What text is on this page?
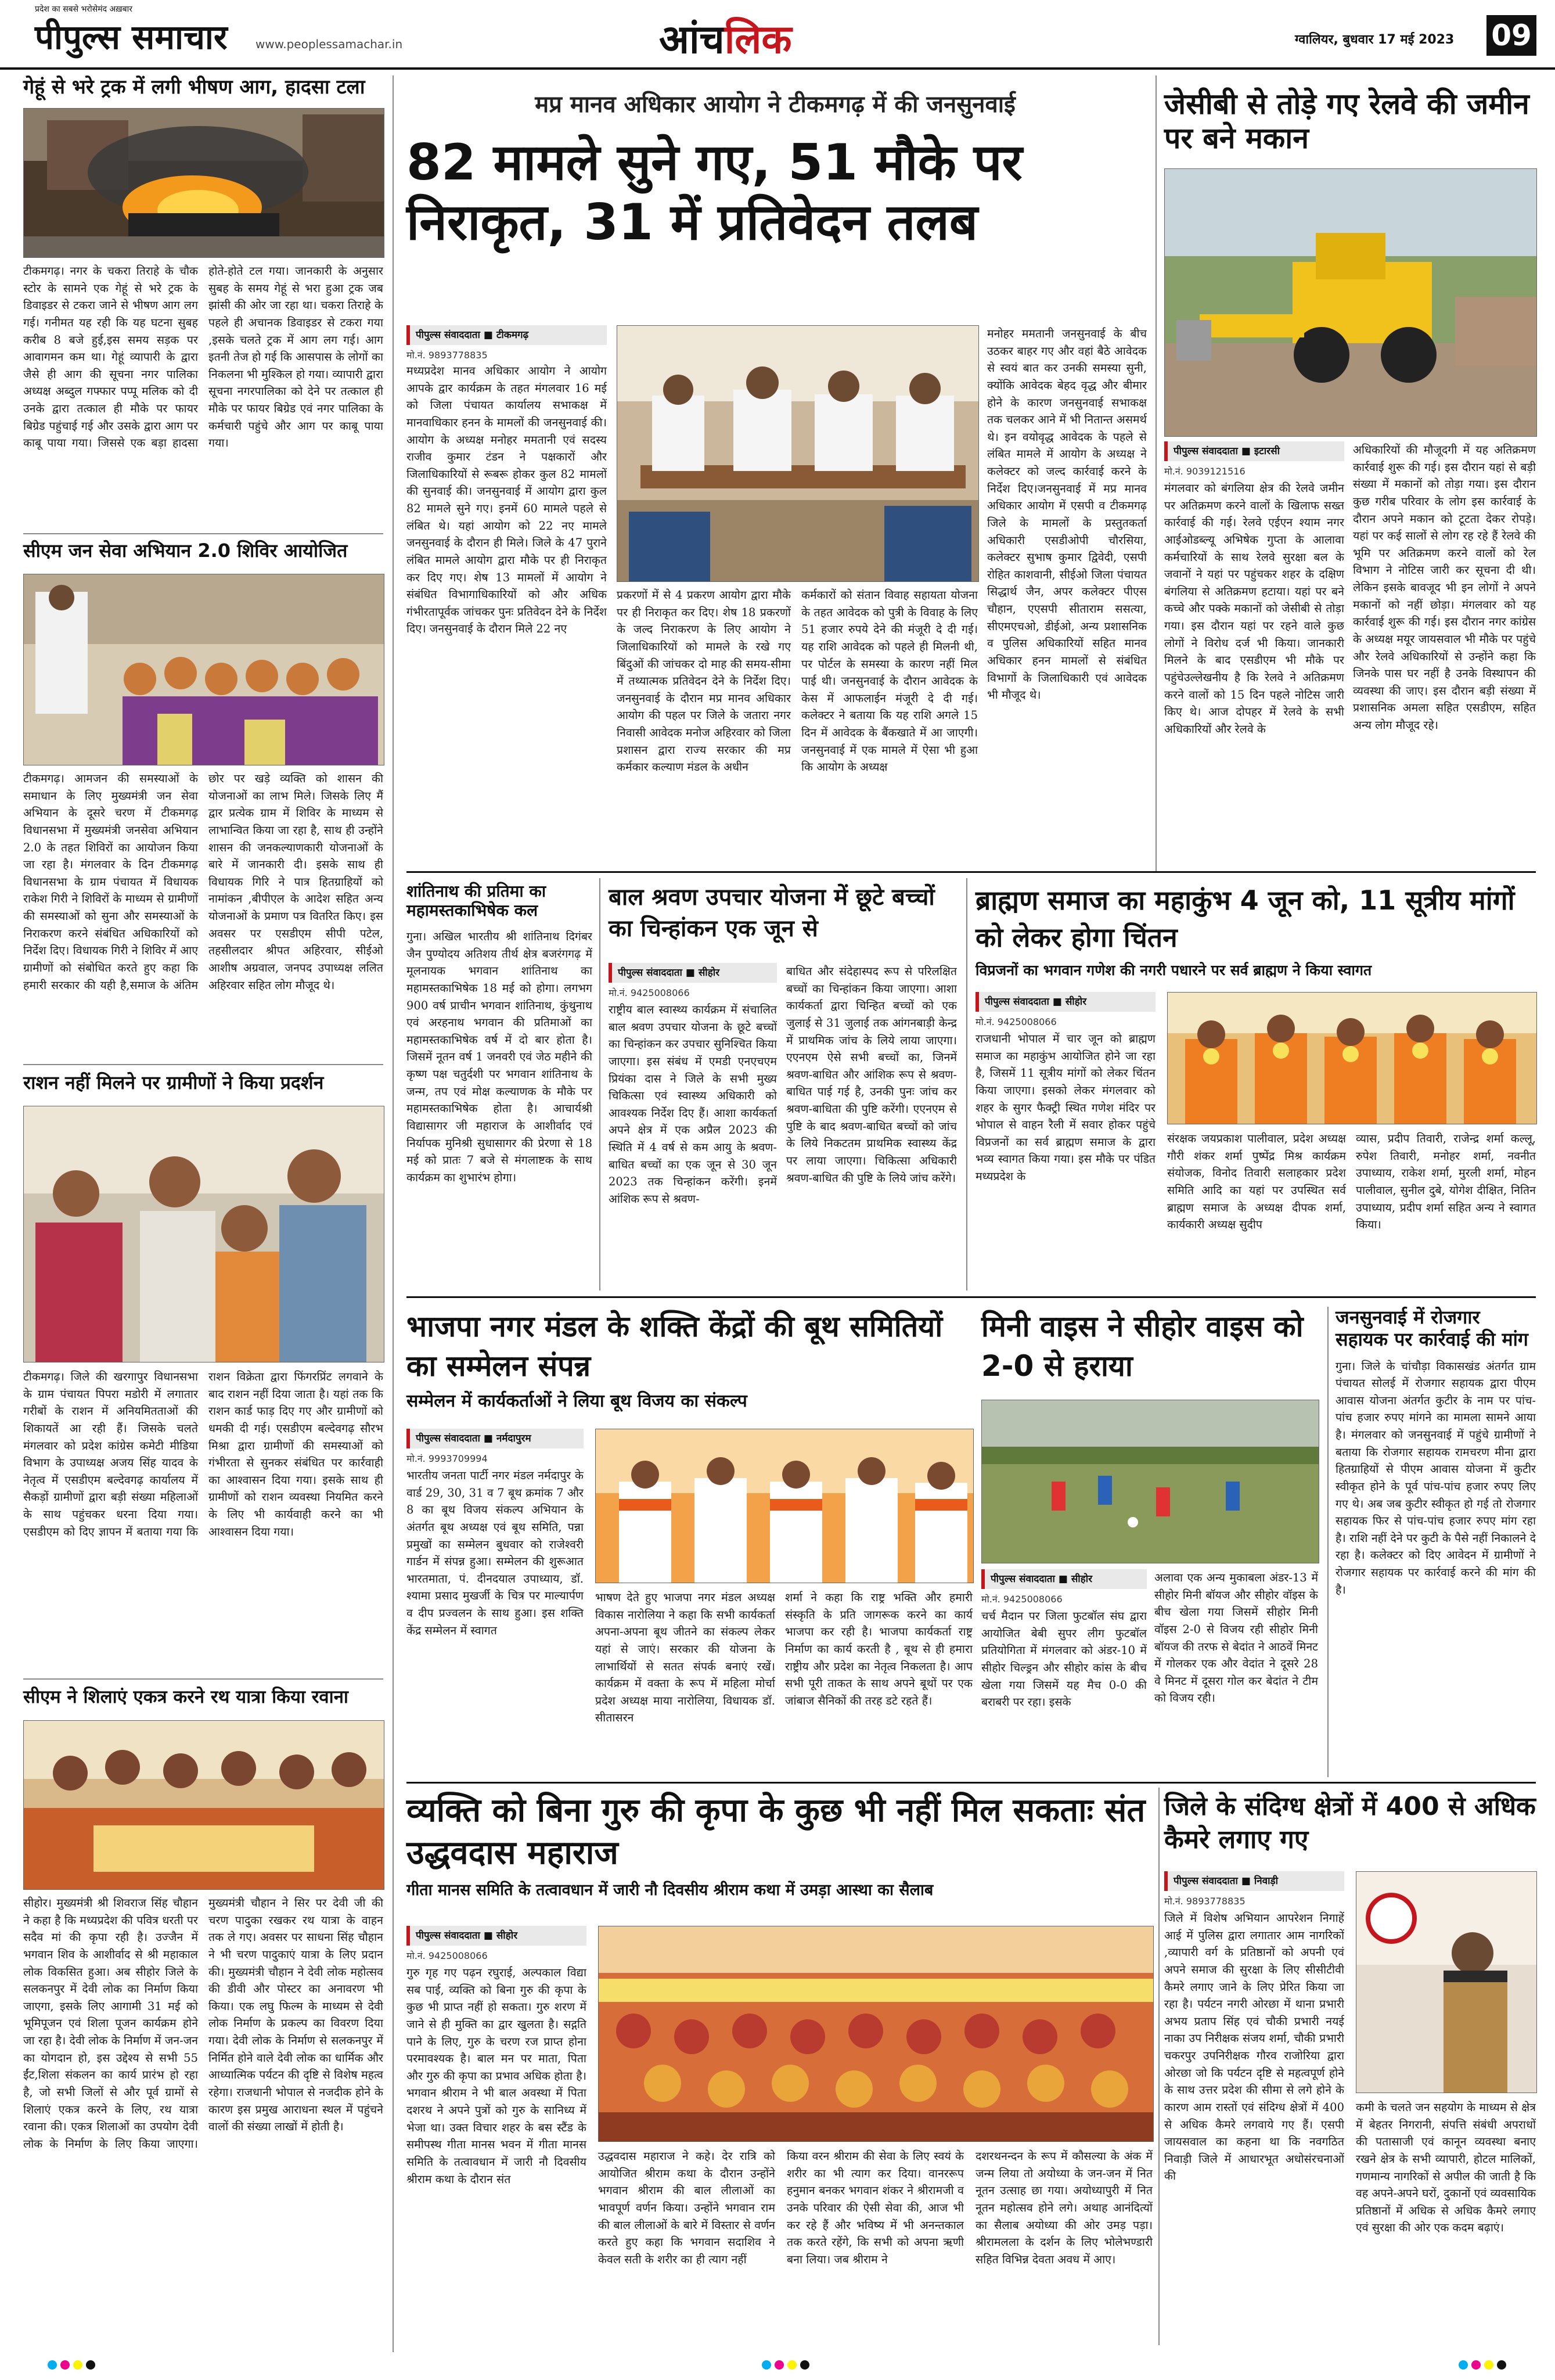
प्रदेश का सबसे भरोसेमंद अख़बार
पीपुल्स समाचार www.peoplessamachar.in	आंचलिक	ग्वालियर, बुधवार 17 मई 2023 09
गेहूं से भरे ट्रक में लगी भीषण आग, हादसा टला
टीकमगढ़। नगर के चकरा तिराहे के चौक स्टोर के सामने एक गेहूं से भरे ट्रक के डिवाइडर से टकरा जाने से भीषण आग लग गई। गनीमत यह रही कि यह घटना सुबह करीब 8 बजे हुई,इस समय सड़क पर आवागमन कम था। गेहूं व्यापारी के द्वारा जैसे ही आग की सूचना नगर पालिका अध्यक्ष अब्दुल गफ्फार पप्पू मलिक को दी उनके द्वारा तत्काल ही मौके पर फायर बिग्रेड पहुंचाई गई और उसके द्वारा आग पर काबू पाया गया। जिससे एक बड़ा हादसा होते-होते टल गया। जानकारी के अनुसार सुबह के समय गेहूं से भरा हुआ ट्रक जब झांसी की ओर जा रहा था। चकरा तिराहे के पहले ही अचानक डिवाइडर से टकरा गया ,इसके चलते ट्रक में आग लग गई। आग इतनी तेज हो गई कि आसपास के लोगों का निकलना भी मुश्किल हो गया। व्यापारी द्वारा सूचना नगरपालिका को देने पर तत्काल ही मौके पर फायर बिग्रेड एवं नगर पालिका के कर्मचारी पहुंचे और आग पर काबू पाया गया।
सीएम जन सेवा अभियान 2.0 शिविर आयोजित
टीकमगढ़। आमजन की समस्याओं के समाधान के लिए मुख्यमंत्री जन सेवा अभियान के दूसरे चरण में टीकमगढ़ विधानसभा में मुख्यमंत्री जनसेवा अभियान 2.0 के तहत शिविरों का आयोजन किया जा रहा है। मंगलवार के दिन टीकमगढ़ विधानसभा के ग्राम पंचायत में विधायक राकेश गिरी ने शिविरों के माध्यम से ग्रामीणों की समस्याओं को सुना और समस्याओं के निराकरण करने संबंधित अधिकारियों को निर्देश दिए। विधायक गिरी ने शिविर में आए ग्रामीणों को संबोधित करते हुए कहा कि हमारी सरकार की यही है,समाज के अंतिम छोर पर खड़े व्यक्ति को शासन की योजनाओं का लाभ मिले। जिसके लिए मैं द्वार प्रत्येक ग्राम में शिविर के माध्यम से लाभान्वित किया जा रहा है, साथ ही उन्होंने शासन की जनकल्याणकारी योजनाओं के बारे में जानकारी दी। इसके साथ ही विधायक गिरि ने पात्र हितग्राहियों को नामांकन ,बीपीएल के आदेश सहित अन्य योजनाओं के प्रमाण पत्र वितरित किए। इस अवसर पर एसडीएम सीपी पटेल, तहसीलदार श्रीपत अहिरवार, सीईओ आशीष अग्रवाल, जनपद उपाध्यक्ष ललित अहिरवार सहित लोग मौजूद थे।
राशन नहीं मिलने पर ग्रामीणों ने किया प्रदर्शन
टीकमगढ़। जिले की खरगापुर विधानसभा के ग्राम पंचायत पिपरा मडोरी में लगातार गरीबों के राशन में अनियमितताओं की शिकायतें आ रही हैं। जिसके चलते मंगलवार को प्रदेश कांग्रेस कमेटी मीडिया विभाग के उपाध्यक्ष अजय सिंह यादव के नेतृत्व में एसडीएम बल्देवगढ़ कार्यालय में सैकड़ों ग्रामीणों द्वारा बड़ी संख्या महिलाओं के साथ पहुंचकर धरना दिया गया। एसडीएम को दिए ज्ञापन में बताया गया कि राशन विक्रेता द्वारा फिंगरप्रिंट लगवाने के बाद राशन नहीं दिया जाता है। यहां तक कि राशन कार्ड फाड़ दिए गए और ग्रामीणों को धमकी दी गई। एसडीएम बल्देवगढ़ सौरभ मिश्रा द्वारा ग्रामीणों की समस्याओं को गंभीरता से सुनकर संबंधित पर कार्रवाही का आश्वासन दिया गया। इसके साथ ही ग्रामीणों को राशन व्यवस्था नियमित करने के लिए भी कार्यवाही करने का भी आश्वासन दिया गया।
सीएम ने शिलाएं एकत्र करने रथ यात्रा किया रवाना
सीहोर। मुख्यमंत्री श्री शिवराज सिंह चौहान ने कहा है कि मध्यप्रदेश की पवित्र धरती पर सदैव मां की कृपा रही है। उज्जैन में भगवान शिव के आशीर्वाद से श्री महाकाल लोक विकसित हुआ। अब सीहोर जिले के सलकनपुर में देवी लोक का निर्माण किया जाएगा, इसके लिए आगामी 31 मई को भूमिपूजन एवं शिला पूजन कार्यक्रम होने जा रहा है। देवी लोक के निर्माण में जन-जन का योगदान हो, इस उद्देश्य से सभी 55 ईंट,शिला संकलन का कार्य प्रारंभ हो रहा है, जो सभी जिलों से और पूर्व ग्रामों से शिलाएं एकत्र करने के लिए, रथ यात्रा रवाना की। एकत्र शिलाओं का उपयोग देवी लोक के निर्माण के लिए किया जाएगा। मुख्यमंत्री चौहान ने सिर पर देवी जी की चरण पादुका रखकर रथ यात्रा के वाहन तक ले गए। अवसर पर साधना सिंह चौहान ने भी चरण पादुकाएं यात्रा के लिए प्रदान की। मुख्यमंत्री चौहान ने देवी लोक महोत्सव की डीवी और पोस्टर का अनावरण भी किया। एक लघु फिल्म के माध्यम से देवी लोक निर्माण के प्रकल्प का विवरण दिया गया। देवी लोक के निर्माण से सलकनपुर में निर्मित होने वाले देवी लोक का धार्मिक और आध्यात्मिक पर्यटन की दृष्टि से विशेष महत्व रहेगा। राजधानी भोपाल से नजदीक होने के कारण इस प्रमुख आराधना स्थल में पहुंचने वालों की संख्या लाखों में होती है।
मप्र मानव अधिकार आयोग ने टीकमगढ़ में की जनसुनवाई
82 मामले सुने गए, 51 मौके पर निराकृत, 31 में प्रतिवेदन तलब
पीपुल्स संवाददाता ■ टीकमगढ़
मो.नं. 9893778835
मध्यप्रदेश मानव अधिकार आयोग ने आयोग आपके द्वार कार्यक्रम के तहत मंगलवार 16 मई को जिला पंचायत कार्यालय सभाकक्ष में मानवाधिकार हनन के मामलों की जनसुनवाई की। आयोग के अध्यक्ष मनोहर ममतानी एवं सदस्य राजीव कुमार टंडन ने पक्षकारों और जिलाधिकारियों से रूबरू होकर कुल 82 मामलों की सुनवाई की। जनसुनवाई में आयोग द्वारा कुल 82 मामले सुने गए। इनमें 60 मामले पहले से लंबित थे। यहां आयोग को 22 नए मामले जनसुनवाई के दौरान ही मिले। जिले के 47 पुराने लंबित मामले आयोग द्वारा मौके पर ही निराकृत कर दिए गए। शेष 13 मामलों में आयोग ने संबंधित विभागाधिकारियों को और अधिक गंभीरतापूर्वक जांचकर पुनः प्रतिवेदन देने के निर्देश दिए। जनसुनवाई के दौरान मिले 22 नए
प्रकरणों में से 4 प्रकरण आयोग द्वारा मौके पर ही निराकृत कर दिए। शेष 18 प्रकरणों के जल्द निराकरण के लिए आयोग ने जिलाधिकारियों को मामले के रखे गए बिंदुओं की जांचकर दो माह की समय-सीमा में तथ्यात्मक प्रतिवेदन देने के निर्देश दिए। जनसुनवाई के दौरान मप्र मानव अधिकार आयोग की पहल पर जिले के जतारा नगर निवासी आवेदक मनोज अहिरवार को जिला प्रशासन द्वारा राज्य सरकार की मप्र कर्मकार कल्याण मंडल के अधीन
कर्मकारों को संतान विवाह सहायता योजना के तहत आवेदक को पुत्री के विवाह के लिए 51 हजार रुपये देने की मंजूरी दे दी गई। यह राशि आवेदक को पहले ही मिलनी थी, पर पोर्टल के समस्या के कारण नहीं मिल पाई थी। जनसुनवाई के दौरान आवेदक के केस में आफलाईन मंजूरी दे दी गई। कलेक्टर ने बताया कि यह राशि अगले 15 दिन में आवेदक के बैंकखाते में आ जाएगी। जनसुनवाई में एक मामले में ऐसा भी हुआ कि आयोग के अध्यक्ष
मनोहर ममतानी जनसुनवाई के बीच उठकर बाहर गए और वहां बैठे आवेदक से स्वयं बात कर उनकी समस्या सुनी, क्योंकि आवेदक बेहद वृद्ध और बीमार होने के कारण जनसुनवाई सभाकक्ष तक चलकर आने में भी नितान्त असमर्थ थे। इन वयोवृद्ध आवेदक के पहले से लंबित मामले में आयोग के अध्यक्ष ने कलेक्टर को जल्द कार्रवाई करने के निर्देश दिए।जनसुनवाई में मप्र मानव अधिकार आयोग में एसपी व टीकमगढ़ जिले के मामलों के प्रस्तुतकर्ता अधिकारी एसडीओपी चौरसिया, कलेक्टर सुभाष कुमार द्विवेदी, एसपी रोहित काशवानी, सीईओ जिला पंचायत सिद्धार्थ जैन, अपर कलेक्टर पीएस चौहान, एएसपी सीताराम ससत्या, सीएमएचओ, डीईओ, अन्य प्रशासनिक व पुलिस अधिकारियों सहित मानव अधिकार हनन मामलों से संबंधित विभागों के जिलाधिकारी एवं आवेदक भी मौजूद थे।
जेसीबी से तोड़े गए रेलवे की जमीन पर बने मकान
पीपुल्स संवाददाता ■ इटारसी
मो.नं. 9039121516
मंगलवार को बंगलिया क्षेत्र की रेलवे जमीन पर अतिक्रमण करने वालों के खिलाफ सख्त कार्रवाई की गई। रेलवे एईएन श्याम नगर आईओडब्ल्यू अभिषेक गुप्ता के आलावा कर्मचारियों के साथ रेलवे सुरक्षा बल के जवानों ने यहां पर पहुंचकर शहर के दक्षिण बंगलिया से अतिक्रमण हटाया। यहां पर बने कच्चे और पक्के मकानों को जेसीबी से तोड़ा गया। इस दौरान यहां पर रहने वाले कुछ लोगों ने विरोध दर्ज भी किया। जानकारी मिलने के बाद एसडीएम भी मौके पर पहुंचेउल्लेखनीय है कि रेलवे ने अतिक्रमण करने वालों को 15 दिन पहले नोटिस जारी किए थे। आज दोपहर में रेलवे के सभी अधिकारियों और रेलवे के
अधिकारियों की मौजूदगी में यह अतिक्रमण कार्रवाई शुरू की गई। इस दौरान यहां से बड़ी संख्या में मकानों को तोड़ा गया। इस दौरान कुछ गरीब परिवार के लोग इस कार्रवाई के दौरान अपने मकान को टूटता देकर रोपड़े। यहां पर कई सालों से लोग रह रहे हैं रेलवे की भूमि पर अतिक्रमण करने वालों को रेल विभाग ने नोटिस जारी कर सूचना दी थी। लेकिन इसके बावजूद भी इन लोगों ने अपने मकानों को नहीं छोड़ा। मंगलवार को यह कार्रवाई शुरू की गई। इस दौरान नगर कांग्रेस के अध्यक्ष मयूर जायसवाल भी मौके पर पहुंचे और रेलवे अधिकारियों से उन्होंने कहा कि जिनके पास घर नहीं है उनके विस्थापन की व्यवस्था की जाए। इस दौरान बड़ी संख्या में प्रशासनिक अमला सहित एसडीएम, सहित अन्य लोग मौजूद रहे।
शांतिनाथ की प्रतिमा का महामस्तकाभिषेक कल
गुना। अखिल भारतीय श्री शांतिनाथ दिगंबर जैन पुण्योदय अतिशय तीर्थ क्षेत्र बजरंगगढ़ में मूलनायक भगवान शांतिनाथ का महामस्तकाभिषेक 18 मई को होगा। लगभग 900 वर्ष प्राचीन भगवान शांतिनाथ, कुंथुनाथ एवं अरहनाथ भगवान की प्रतिमाओं का महामस्तकाभिषेक वर्ष में दो बार होता है। जिसमें नूतन वर्ष 1 जनवरी एवं जेठ महीने की कृष्ण पक्ष चतुर्दशी पर भगवान शांतिनाथ के जन्म, तप एवं मोक्ष कल्याणक के मौके पर महामस्तकाभिषेक होता है। आचार्यश्री विद्यासागर जी महाराज के आशीर्वाद एवं निर्यापक मुनिश्री सुधासागर की प्रेरणा से 18 मई को प्रातः 7 बजे से मंगलाष्टक के साथ कार्यक्रम का शुभारंभ होगा।
बाल श्रवण उपचार योजना में छूटे बच्चों का चिन्हांकन एक जून से
पीपुल्स संवाददाता ■ सीहोर
मो.नं. 9425008066
राष्ट्रीय बाल स्वास्थ्य कार्यक्रम में संचालित बाल श्रवण उपचार योजना के छूटे बच्चों का चिन्हांकन कर उपचार सुनिश्चित किया जाएगा। इस संबंध में एमडी एनएचएम प्रियंका दास ने जिले के सभी मुख्य चिकित्सा एवं स्वास्थ्य अधिकारी को आवश्यक निर्देश दिए हैं। आशा कार्यकर्ता अपने क्षेत्र में एक अप्रैल 2023 की स्थिति में 4 वर्ष से कम आयु के श्रवण-बाधित बच्चों का एक जून से 30 जून 2023 तक चिन्हांकन करेंगी। इनमें आंशिक रूप से श्रवण-
बाधित और संदेहास्पद रूप से परिलक्षित बच्चों का चिन्हांकन किया जाएगा। आशा कार्यकर्ता द्वारा चिन्हित बच्चों को एक जुलाई से 31 जुलाई तक आंगनबाड़ी केन्द्र में प्राथमिक जांच के लिये लाया जाएगा। एएनएम ऐसे सभी बच्चों का, जिनमें श्रवण-बाधित और आंशिक रूप से श्रवण-बाधित पाई गई है, उनकी पुनः जांच कर श्रवण-बाधिता की पुष्टि करेंगी। एएनएम से पुष्टि के बाद श्रवण-बाधित बच्चों को जांच के लिये निकटतम प्राथमिक स्वास्थ्य केंद्र पर लाया जाएगा। चिकित्सा अधिकारी श्रवण-बाधित की पुष्टि के लिये जांच करेंगे।
ब्राह्मण समाज का महाकुंभ 4 जून को, 11 सूत्रीय मांगों को लेकर होगा चिंतन
विप्रजनों का भगवान गणेश की नगरी पधारने पर सर्व ब्राह्मण ने किया स्वागत
पीपुल्स संवाददाता ■ सीहोर
मो.नं. 9425008066
राजधानी भोपाल में चार जून को ब्राह्मण समाज का महाकुंभ आयोजित होने जा रहा है, जिसमें 11 सूत्रीय मांगों को लेकर चिंतन किया जाएगा। इसको लेकर मंगलवार को शहर के सुगर फैक्ट्री स्थित गणेश मंदिर पर भोपाल से वाहन रैली में सवार होकर पहुंचे विप्रजनों का सर्व ब्राह्मण समाज के द्वारा भव्य स्वागत किया गया। इस मौके पर पंडित मध्यप्रदेश के
संरक्षक जयप्रकाश पालीवाल, प्रदेश अध्यक्ष गौरी शंकर शर्मा पुष्पेंद्र मिश्र कार्यक्रम संयोजक, विनोद तिवारी सलाहकार प्रदेश समिति आदि का यहां पर उपस्थित सर्व ब्राह्मण समाज के अध्यक्ष दीपक शर्मा, कार्यकारी अध्यक्ष सुदीप
व्यास, प्रदीप तिवारी, राजेन्द्र शर्मा कल्लू, रुपेश तिवारी, मनोहर शर्मा, नवनीत उपाध्याय, राकेश शर्मा, मुरली शर्मा, मोहन पालीवाल, सुनील दुबे, योगेश दीक्षित, नितिन उपाध्याय, प्रदीप शर्मा सहित अन्य ने स्वागत किया।
भाजपा नगर मंडल के शक्ति केंद्रों की बूथ समितियों का सम्मेलन संपन्न
सम्मेलन में कार्यकर्ताओं ने लिया बूथ विजय का संकल्प
पीपुल्स संवाददाता ■ नर्मदापुरम
मो.नं. 9993709994
भारतीय जनता पार्टी नगर मंडल नर्मदापुर के वार्ड 29, 30, 31 व 7 बूथ क्रमांक 7 और 8 का बूथ विजय संकल्प अभियान के अंतर्गत बूथ अध्यक्ष एवं बूथ समिति, पन्ना प्रमुखों का सम्मेलन बुधवार को राजेश्वरी गार्डन में संपन्न हुआ। सम्मेलन की शुरूआत भारतमाता, पं. दीनदयाल उपाध्याय, डॉ. श्यामा प्रसाद मुखर्जी के चित्र पर माल्यार्पण व दीप प्रज्वलन के साथ हुआ। इस शक्ति केंद्र सम्मेलन में स्वागत
भाषण देते हुए भाजपा नगर मंडल अध्यक्ष विकास नारोलिया ने कहा कि सभी कार्यकर्ता अपना-अपना बूथ जीतने का संकल्प लेकर यहां से जाएं। सरकार की योजना के लाभार्थियों से सतत संपर्क बनाएं रखें। कार्यक्रम में वक्ता के रूप में महिला मोर्चा प्रदेश अध्यक्ष माया नारोलिया, विधायक डॉ. सीतासरन
शर्मा ने कहा कि राष्ट्र भक्ति और हमारी संस्कृति के प्रति जागरूक करने का कार्य भाजपा कर रही है। भाजपा कार्यकर्ता राष्ट्र निर्माण का कार्य करती है , बूथ से ही हमारा राष्ट्रीय और प्रदेश का नेतृत्व निकलता है। आप सभी पूरी ताकत के साथ अपने बूथों पर एक जांबाज सैनिकों की तरह डटे रहते हैं।
मिनी वाइस ने सीहोर वाइस को 2-0 से हराया
पीपुल्स संवाददाता ■ सीहोर
मो.नं. 9425008066
चर्च मैदान पर जिला फुटबॉल संघ द्वारा आयोजित बेबी सुपर लीग फुटबॉल प्रतियोगिता में मंगलवार को अंडर-10 में सीहोर चिल्ड्रन और सीहोर कांस के बीच खेला गया जिसमें यह मैच 0-0 की बराबरी पर रहा। इसके
अलावा एक अन्य मुकाबला अंडर-13 में सीहोर मिनी बॉयज और सीहोर वॉइस के बीच खेला गया जिसमें सीहोर मिनी वॉइस 2-0 से विजय रही सीहोर मिनी बॉयज की तरफ से बेदांत ने आठवें मिनट में गोलकर एक और वेदांत ने दूसरे 28 वे मिनट में दूसरा गोल कर बेदांत ने टीम को विजय रही।
जनसुनवाई में रोजगार सहायक पर कार्रवाई की मांग
गुना। जिले के चांचौड़ा विकासखंड अंतर्गत ग्राम पंचायत सोलई में रोजगार सहायक द्वारा पीएम आवास योजना अंतर्गत कुटीर के नाम पर पांच-पांच हजार रुपए मांगने का मामला सामने आया है। मंगलवार को जनसुनवाई में पहुंचे ग्रामीणों ने बताया कि रोजगार सहायक रामचरण मीना द्वारा हितग्राहियों से पीएम आवास योजना में कुटीर स्वीकृत होने के पूर्व पांच-पांच हजार रुपए लिए गए थे। अब जब कुटीर स्वीकृत हो गई तो रोजगार सहायक फिर से पांच-पांच हजार रुपए मांग रहा है। राशि नहीं देने पर कुटी के पैसे नहीं निकालने दे रहा है। कलेक्टर को दिए आवेदन में ग्रामीणों ने रोजगार सहायक पर कार्रवाई करने की मांग की है।
व्यक्ति को बिना गुरु की कृपा के कुछ भी नहीं मिल सकताः संत उद्धवदास महाराज
गीता मानस समिति के तत्वावधान में जारी नौ दिवसीय श्रीराम कथा में उमड़ा आस्था का सैलाब
पीपुल्स संवाददाता ■ सीहोर
मो.नं. 9425008066
गुरु गृह गए पढ़न रघुराई, अल्पकाल विद्या सब पाई, व्यक्ति को बिना गुरु की कृपा के कुछ भी प्राप्त नहीं हो सकता। गुरु शरण में जाने से ही मुक्ति का द्वार खुलता है। सद्गति पाने के लिए, गुरु के चरण रज प्राप्त होना परमावश्यक है। बाल मन पर माता, पिता और गुरु की कृपा का प्रभाव अधिक होता है। भगवान श्रीराम ने भी बाल अवस्था में पिता दशरथ ने अपने पुत्रों को गुरु के सानिध्य में भेजा था। उक्त विचार शहर के बस स्टैंड के समीपस्थ गीता मानस भवन में गीता मानस समिति के तत्वावधान में जारी नौ दिवसीय श्रीराम कथा के दौरान संत
उद्धवदास महाराज ने कहे। देर रात्रि को आयोजित श्रीराम कथा के दौरान उन्होंने भगवान श्रीराम की बाल लीलाओं का भावपूर्ण वर्णन किया। उन्होंने भगवान राम की बाल लीलाओं के बारे में विस्तार से वर्णन करते हुए कहा कि भगवान सदाशिव ने केवल सती के शरीर का ही त्याग नहीं
किया वरन श्रीराम की सेवा के लिए स्वयं के शरीर का भी त्याग कर दिया। वानररूप हनुमान बनकर भगवान शंकर ने श्रीरामजी व उनके परिवार की ऐसी सेवा की, आज भी कर रहे हैं और भविष्य में भी अनन्तकाल तक करते रहेंगे, कि सभी को अपना ऋणी बना लिया। जब श्रीराम ने
दशरथनन्दन के रूप में कौसल्या के अंक में जन्म लिया तो अयोध्या के जन-जन में नित नूतन उत्साह छा गया। अयोध्यापुरी में नित नूतन महोत्सव होने लगे। अथाह आनंदित्यों का सैलाब अयोध्या की ओर उमड़ पड़ा। श्रीरामलला के दर्शन के लिए भोलेभण्डारी सहित विभिन्न देवता अवध में आए।
जिले के संदिग्ध क्षेत्रों में 400 से अधिक कैमरे लगाए गए
पीपुल्स संवाददाता ■ निवाड़ी
मो.नं. 9893778835
जिले में विशेष अभियान आपरेशन निगाहें आई में पुलिस द्वारा लगातार आम नागरिकों ,व्यापारी वर्ग के प्रतिष्ठानों को अपनी एवं अपने समाज की सुरक्षा के लिए सीसीटीवी कैमरे लगाए जाने के लिए प्रेरित किया जा रहा है। पर्यटन नगरी ओरछा में थाना प्रभारी अभय प्रताप सिंह एवं चौकी प्रभारी नयई नाका उप निरीक्षक संजय शर्मा, चौकी प्रभारी चकरपुर उपनिरीक्षक गौरव राजोरिया द्वारा ओरछा जो कि पर्यटन दृष्टि से महत्वपूर्ण होने के साथ उत्तर प्रदेश की सीमा से लगे होने के कारण आम रास्तों एवं संदिग्ध क्षेत्रों में 400 से अधिक कैमरे लगवाये गए हैं। एसपी जायसवाल का कहना था कि नवगठित निवाड़ी जिले में आधारभूत अधोसंरचनाओं की
कमी के चलते जन सहयोग के माध्यम से क्षेत्र में बेहतर निगरानी, संपत्ति संबंधी अपराधों की पतासाजी एवं कानून व्यवस्था बनाए रखने क्षेत्र के सभी व्यापारी, होटल मालिकों, गणमान्य नागरिकों से अपील की जाती है कि वह अपने-अपने घरों, दुकानों एवं व्यवसायिक प्रतिष्ठानों में अधिक से अधिक कैमरे लगाए एवं सुरक्षा की ओर एक कदम बढ़ाएं।
